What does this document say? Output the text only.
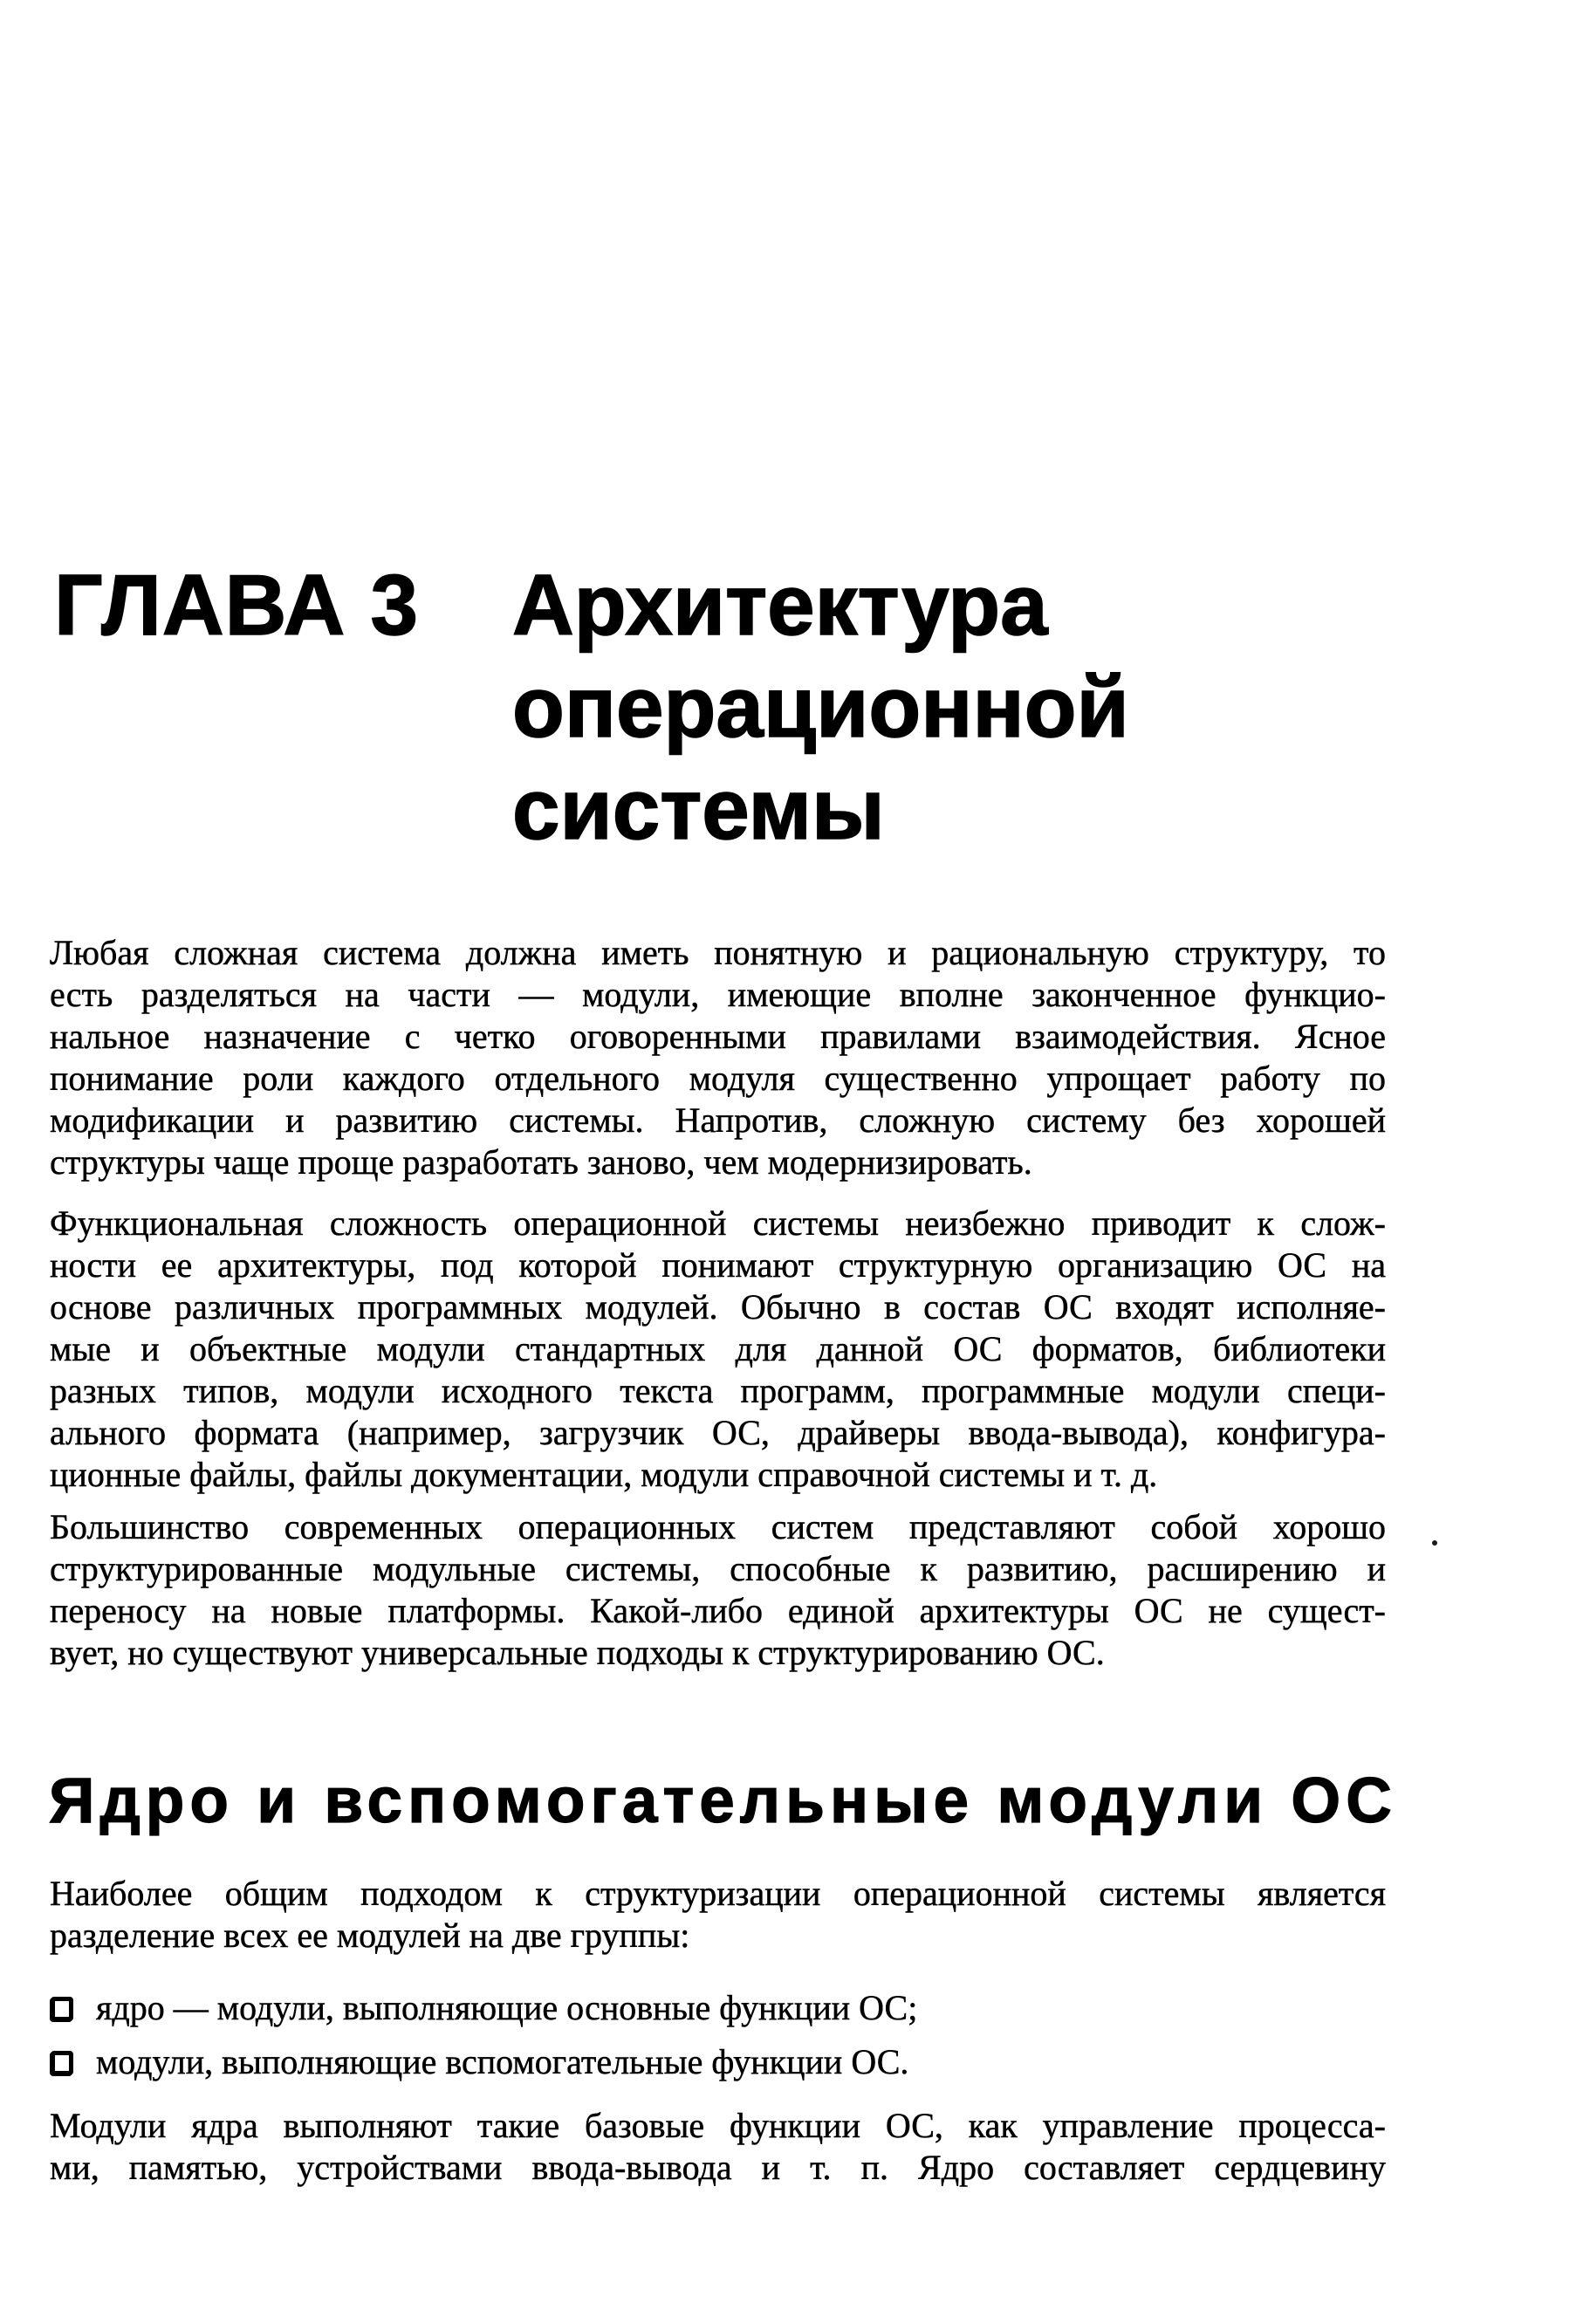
ГЛАВА 3 Архитектура
операционной
системы
Любая сложная система должна иметь понятную и рациональную структуру, то
есть разделяться на части — модули, имеющие вполне законченное функцио-
нальное назначение с четко оговоренными правилами взаимодействия. Ясное
понимание роли каждого отдельного модуля существенно упрощает работу по
модификации и развитию системы. Напротив, сложную систему без хорошей
структуры чаще проще разработать заново, чем модернизировать.
Функциональная сложность операционной системы неизбежно приводит к слож-
ности ее архитектуры, под которой понимают структурную организацию ОС на
основе различных программных модулей. Обычно в состав ОС входят исполняе-
мые и объектные модули стандартных для данной ОС форматов, библиотеки
разных типов, модули исходного текста программ, программные модули специ-
ального формата (например, загрузчик ОС, драйверы ввода-вывода), конфигура-
ционные файлы, файлы документации, модули справочной системы и т. д.
Большинство современных операционных систем представляют собой хорошо
структурированные модульные системы, способные к развитию, расширению и
переносу на новые платформы. Какой-либо единой архитектуры ОС не сущест-
вует, но существуют универсальные подходы к структурированию ОС.
Ядро и вспомогательные модули ОС
Наиболее общим подходом к структуризации операционной системы является
разделение всех ее модулей на две группы:
ядро — модули, выполняющие основные функции ОС;
модули, выполняющие вспомогательные функции ОС.
Модули ядра выполняют такие базовые функции ОС, как управление процесса-
ми, памятью, устройствами ввода-вывода и т. п. Ядро составляет сердцевину
